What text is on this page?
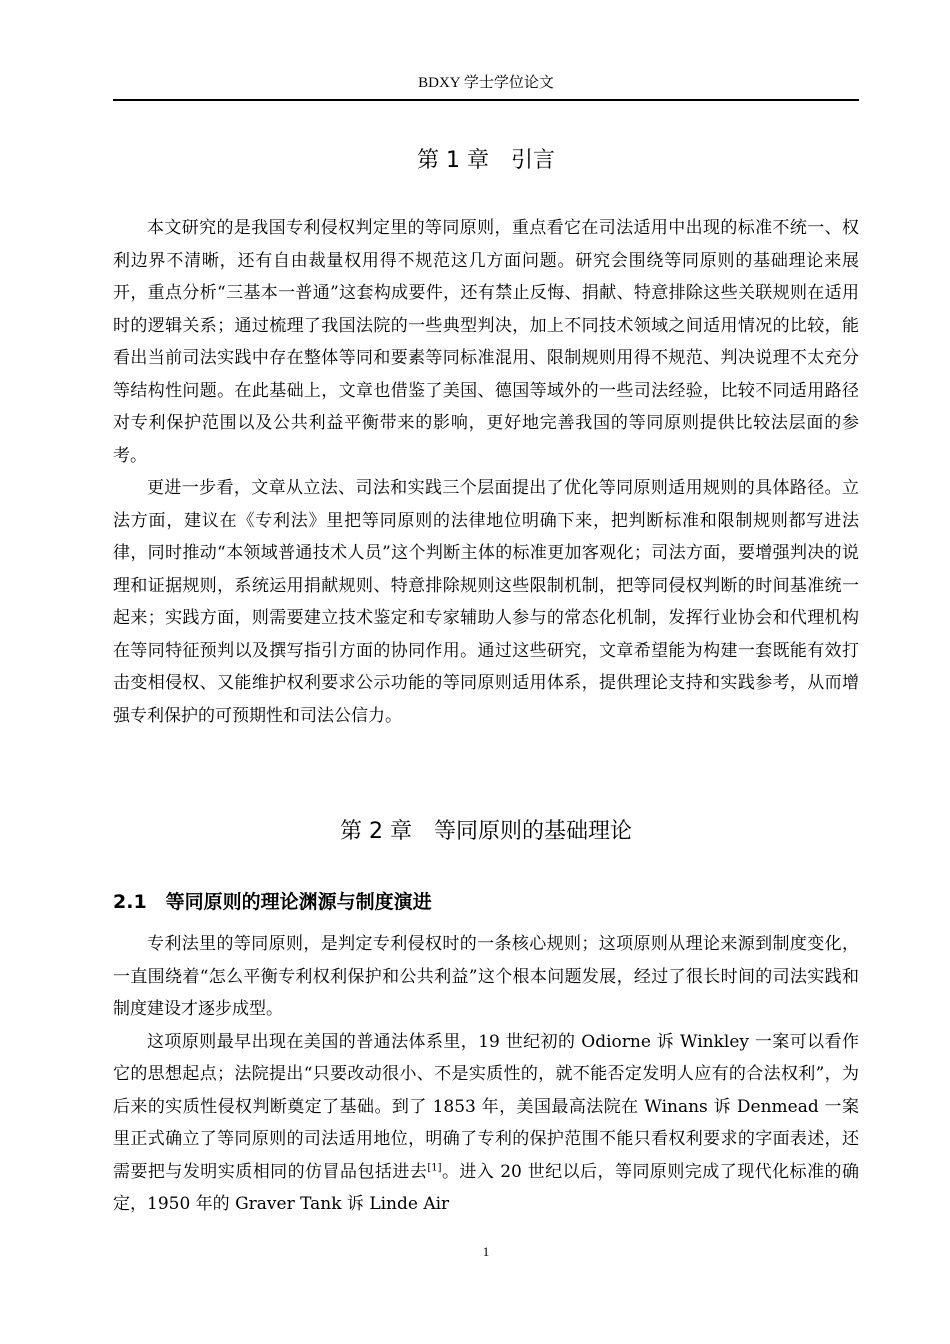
BDXY 学士学位论文
第 1 章　引言

本文研究的是我国专利侵权判定里的等同原则，重点看它在司法适用中出现的标准不统一、权利边界不清晰，还有自由裁量权用得不规范这几方面问题。研究会围绕等同原则的基础理论来展开，重点分析“三基本一普通”这套构成要件，还有禁止反悔、捐献、特意排除这些关联规则在适用时的逻辑关系；通过梳理了我国法院的一些典型判决，加上不同技术领域之间适用情况的比较，能看出当前司法实践中存在整体等同和要素等同标准混用、限制规则用得不规范、判决说理不太充分等结构性问题。在此基础上，文章也借鉴了美国、德国等域外的一些司法经验，比较不同适用路径对专利保护范围以及公共利益平衡带来的影响，更好地完善我国的等同原则提供比较法层面的参考。

更进一步看，文章从立法、司法和实践三个层面提出了优化等同原则适用规则的具体路径。立法方面，建议在《专利法》里把等同原则的法律地位明确下来，把判断标准和限制规则都写进法律，同时推动“本领域普通技术人员”这个判断主体的标准更加客观化；司法方面，要增强判决的说理和证据规则，系统运用捐献规则、特意排除规则这些限制机制，把等同侵权判断的时间基准统一起来；实践方面，则需要建立技术鉴定和专家辅助人参与的常态化机制，发挥行业协会和代理机构在等同特征预判以及撰写指引方面的协同作用。通过这些研究，文章希望能为构建一套既能有效打击变相侵权、又能维护权利要求公示功能的等同原则适用体系，提供理论支持和实践参考，从而增强专利保护的可预期性和司法公信力。

第 2 章　等同原则的基础理论
2.1　等同原则的理论渊源与制度演进

专利法里的等同原则，是判定专利侵权时的一条核心规则；这项原则从理论来源到制度变化，一直围绕着“怎么平衡专利权利保护和公共利益”这个根本问题发展，经过了很长时间的司法实践和制度建设才逐步成型。

这项原则最早出现在美国的普通法体系里，19 世纪初的 Odiorne 诉 Winkley 一案可以看作它的思想起点；法院提出“只要改动很小、不是实质性的，就不能否定发明人应有的合法权利”，为后来的实质性侵权判断奠定了基础。到了 1853 年，美国最高法院在 Winans 诉 Denmead 一案里正式确立了等同原则的司法适用地位，明确了专利的保护范围不能只看权利要求的字面表述，还需要把与发明实质相同的仿冒品包括进去[1]。进入 20 世纪以后，等同原则完成了现代化标准的确定，1950 年的 Graver Tank 诉 Linde Air

1
